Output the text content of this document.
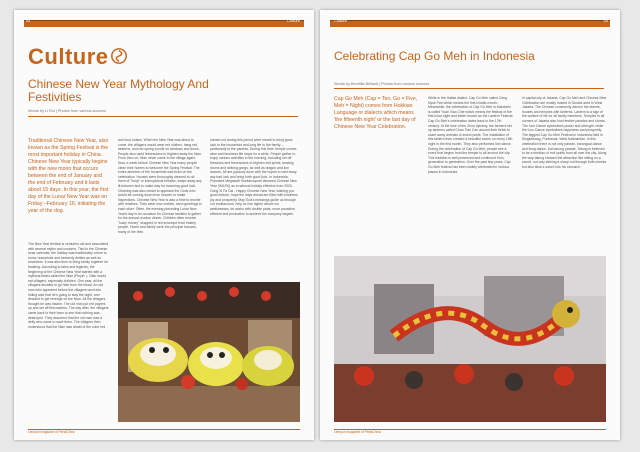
54	Culture
Culture
Chinese New Year Mythology And Festivities
Words by Li Rui | Photos from various sources
Traditional Chinese New Year, also known as the Spring Festival is the most important holiday in China. Chinese New Year typically begins with the new moon that occurs between the end of January and the end of February and it lasts about 15 days. In this year, the first day of the Lunar New Year was on Friday –February 16, initiating the year of the dog.
The New Year festival is centuries old and associated with several myths and customs. Tied to the Chinese lunar calendar, the holiday was traditionally a time to honor household and heavenly deities as well as ancestors. It was also time to bring family together for feasting. According to tales and legends, the beginning of the Chinese New Year started with a mythical beast called the Nian (Pinyin: ). Nian would eat villagers, especially children. One year, all the villagers decided to go hide from the beast. An old man who appeared before the villagers went into hiding said that he's going to stay the night, and decided to get revenge on the Nian. All the villagers thought he was insane. The old man put red papers up and set off firecrackers. The day after, the villagers came back to their town to see that nothing was destroyed. They assumed that the old man was a deity who came to save them. The villagers then understood that the Nian was afraid of the color red
and loud noises. When the New Year was about to come, the villagers would wear red clothes, hang red lanterns, and red spring scrolls on windows and doors. People also used firecrackers to frighten away the Nian. From then on, Nian never came to the village again. Now, a week before Chinese New Year many people clean their homes to welcome the Spring Festival. The entire attention of the household was fixed on the celebration. Houses were thoroughly cleaned to rid them of "huiqi" or inauspicious breaths, swept away any ill-fortunes and to make way for incoming good luck. Cleaning was also meant to appease the Gods who would be coming down from heaven to make inspections. Chinese New Year is also a time to reunite with relatives. They wear new clothes, send greetings to each other. Often, the evening preceding Lunar New Year's day is an occasion for Chinese families to gather for the annual reunion dinner. Children often receive "lucky money" wrapped in red envelope from elderly people. Home and family were the principal focuses, many of the rites
carried out during this period were meant to bring good luck to the household and long life to the family – particularly to the parents. During this time, temple comes alive and business life stops for a while. People gather to enjoy various activities in the evening, including set off fireworks and firecrackers to frighten evil spirits, beating drums and striking gongs, as well as dragon and lion dances. All are joyously done with the hopes to cast away any bad luck and bring forth good luck. In Indonesia, President Megawati Soekarnoputri declared Chinese New Year (IMLEK) as a national holiday effective from 2003. Gong Xi Fa Cai - Happy Chinese New Year, wishing you good fortune, hope the days ahead are filled with kindness joy and prosperity. May God's blessings guide us through our endeavours, help us rise higher above our weaknesses, let works with double parts, more proactive, efficient and productive to achieve the company targets.
Lempuh magazine of PertaChina
Culture	55
Celebrating Cap Go Meh in Indonesia
Words by Bendilla Brilianti | Photos from various sources
Cap Go Meh (Cap = Ten, Go = Five, Meh = Night) comes from Hokkian Language or dialects which means 'the fifteenth night' or the last day of Chinese New Year Celebration.
While in the Hakka dialect, Cap Go Meh called Cang Nyuk Pan which means the first middle-month. Meanwhile, the celebration of Cap Go Meh in Mandarin is called Yuan Xiao Chie which means the festival of the first lunar night and better known as the Lantern Festival. Cap Go Meh's celebration dates back to the 17th century. At the time of the Zhou dynasty, the farmers set up lanterns called Chau Tian Can around their fields to scare away animals or insect pests. The installation of this lantern then created a beautiful scene on every 15th night in the first month. They also performed lion dance. During the celebration of Cap Go Meh, people see a event that begins from the temple to all around the city. This tradition is well preserved and continued from generation to generation. Over the past few years, Cap Go Meh festival has been widely celebrated in various places in Indonesia.
In capital city of Jakarta, Cap Go Meh and Chinese New Celebration are mostly hosted in Glodok area in West Jakarta. The Chinese community adorns the streets, houses and temples with lanterns. Lantern is a sign of the welfare of life for all family members. Temples in all corners of Jakarta also host festive parades and shows. The Lion Dance symbolizes power and strength, while the Lion Dance symbolizes happiness and prosperity. The biggest Cap Go Meh Festival in Indonesia held in Singkawang, Pontianak, West Kalimantan. In this celebration there is not only parade, barongsai dance and liong dance, but barong parade. Tatung is believed to be a medium of evil spirits from all over the city. Along the way tatung showed the attraction like sitting on a sword, not only striking a sharp rod through both cheeks but also stick a sword into his stomach.
Lempuh magazine of PertaChina
